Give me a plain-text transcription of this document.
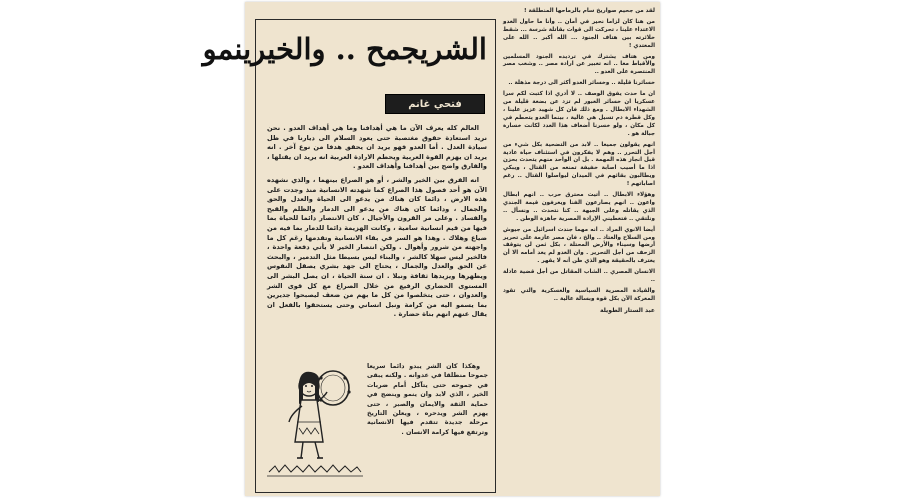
لقد من جحيم صواريخ سام بالرماحها المنطلقة !

من هنا كان لزاما نحير في أمان .. وأنا ما حاول العدو الاعتداء علينا ، تحركت الى قوات بقاتلة شرسة ... شقط خلائرته بين هتاف الجنود ... الله أكبر .. الله على المعتدي !

ومن هتاف يشترك في ترديده الجنود المسلمين والأقباط معا .. انه تعبير عن ارادة مصر .. وشعب مصر المنتصرة على العدو ..

خسائرنا قليلة .. وخسائر العدو أكثر الى درجة مذهلة ..

ان ما حدث يفوق الوصف .. لا أدري اذا كتبت لكم سرا عسكريا ان خسائر العبور لم تزد عن بضعة قليلة من الشهداء الابطال . ومع ذلك فان كل شهيد عزيز علينا ، وكل قطرة دم تسيل هي غالية ، بينما العدو يتحطم في كل مكان ، ولو خسرنا أضعاف هذا العدد لكانت خسارة جبالة هو .

انهم يقولون جميعا .. لابد من التضحية بكل شيء من أجل التحرر .. وهم لا يفكرون في استئناف حياة عادية قبل انجاز هذه المهمة . بل ان الواحد منهم يتحدث بحزن اذا ما أصيب اصابة خفيفة تمنعه من القتال ، ويبكي ويطالبون بقائهم في الميدان ليواصلوا القتال .. رغم اصاباتهم !

وهؤلاء الابطال .. أتيت محترق حرب .. انهم ابطال واعون .. انهم يصارعون الفنا ويعرفون قيمة الجندي الذي يقاتله وعلى الجبهة .. كنا نتحدث .. ونسأل .. ونلتقي .. فتعطيني الإرادة المصرية جاهزة الوطن .

أيضا الانوي المراد .. انه مهما جندت اسرائيل من جيوش ومن السلاح والعتاد .. والخ ، فان مصر عازمة على تحرير أرضها وسيناء والأرض المحتلة ، بكل ثمن لن يتوقف الزحف من أجل التحرير . وان العدو لم يعد أمامه الا أن يعترف بالحقيقة وهو الذي ظن أنه لا يقهر .

الانسان المصري .. الشاب المقاتل من أجل قضية عادلة ..

والقيادة المصرية السياسية والعسكرية والتي تقود المعركة الآن بكل قوة وبسالة عالية ..

عبد الستار الطويلة
الشريجمح .. والخيرينمو
فتحي غانم

العالم كله يعرف الآن ما هي أهدافنا وما هي أهداف العدو . نحن نريد استعادة حقوق مغتصبة حتى يعود السلام الى ديارنا في ظل سيادة العدل . أما العدو فهو يريد ان يحقق هدفا من نوع آخر . انه يريد ان يهزم القوة العربية ويحطم الارادة العربية انه يريد ان يقتلها ، والفارق واضح بين أهدافنا وأهداف العدو .

انه الفرق بين الخير والشر ، أو هو الصراع بينهما ، والذي نشهده الآن هو أحد فصول هذا الصراع كما شهدته الانسانية منذ وجدت على هذه الارض ، دائما كان هناك من يدعو الى الحياة والعدل والحق والجمال ، ودائما كان هناك من يدعو الى الدمار والظلم والقبح والفساد . وعلى مر القرون والأجيال ، كان الانتصار دائما للحياة بما فيها من قيم انسانية سامية ، وكانت الهزيمة دائما للدمار بما فيه من ضياع وهلاك . وهذا هو السر في بقاء الانسانية وتقدمها رغم كل ما واجهته من شرور وأهوال . ولكن انتصار الخير لا يأتي دفعة واحدة ، فالخير ليس سهلا كالشر ، والبناء ليس بسيطا مثل التدمير ، والبحث عن الحق والعدل والجمال ، يحتاج الى جهد بشري يصقل النفوس ويطهرها ويزيدها ثقافة ونبلا . ان سنة الحياة ، ان يصل البشر الى المستوى الحضاري الرفيع من خلال الصراع مع كل قوى الشر والعدوان ، حتى يتخلصوا من كل ما بهم من ضعف ليصبحوا جديرين بما يسمو اليه من كرامة ونبل انساني وحتى يستحقوا بالفعل ان يقال عنهم انهم بناة حضارة .

وهكذا كان الشر يبدو دائما سريعا جموحا منطلقا في عدوانه . ولكنه يبقى في جموحه حتى يتآكل أمام ضربات الخير ، الذي لابد وان ينمو وينضج في حماية الثقة والايمان والصبر ، حتى يهزم الشر ويدحره ، ويعلن التاريخ مرحلة جديدة تتقدم فيها الانسانية وترتفع فيها كرامة الانسان .
